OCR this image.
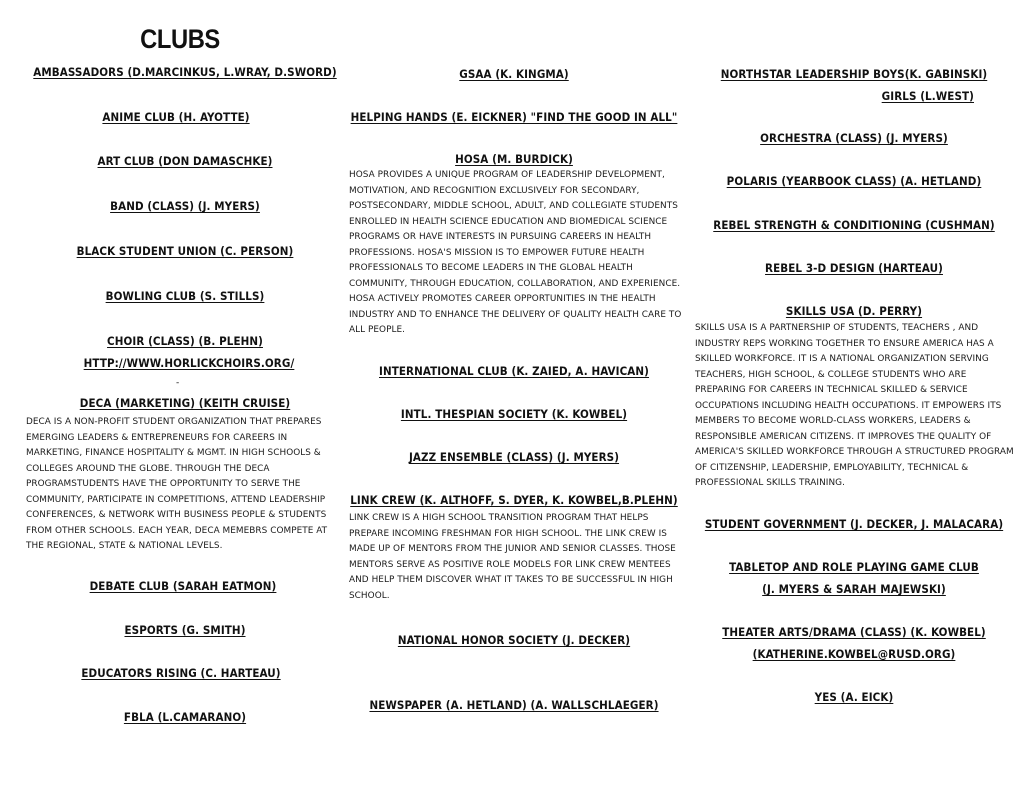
CLUBS
AMBASSADORS (D.MARCINKUS, L.WRAY, D.SWORD)
ANIME CLUB (H. AYOTTE)
ART CLUB (DON DAMASCHKE)
BAND (CLASS) (J. MYERS)
BLACK STUDENT UNION (C. PERSON)
BOWLING CLUB (S. STILLS)
CHOIR (CLASS) (B. PLEHN)
HTTP://WWW.HORLICKCHOIRS.ORG/
-
DECA (MARKETING) (KEITH CRUISE)
DECA IS A NON-PROFIT STUDENT ORGANIZATION THAT PREPARES EMERGING LEADERS & ENTREPRENEURS FOR CAREERS IN MARKETING, FINANCE HOSPITALITY & MGMT. IN HIGH SCHOOLS & COLLEGES AROUND THE GLOBE. THROUGH THE DECA PROGRAMSTUDENTS HAVE THE OPPORTUNITY TO SERVE THE COMMUNITY, PARTICIPATE IN COMPETITIONS, ATTEND LEADERSHIP CONFERENCES, & NETWORK WITH BUSINESS PEOPLE & STUDENTS FROM OTHER SCHOOLS. EACH YEAR, DECA MEMEBRS COMPETE AT THE REGIONAL, STATE & NATIONAL LEVELS.
DEBATE CLUB (SARAH EATMON)
ESPORTS (G. SMITH)
EDUCATORS RISING (C. HARTEAU)
FBLA (L.CAMARANO)
GSAA (K. KINGMA)
HELPING HANDS (E. EICKNER) "FIND THE GOOD IN ALL"
HOSA (M. BURDICK)
HOSA PROVIDES A UNIQUE PROGRAM OF LEADERSHIP DEVELOPMENT, MOTIVATION, AND RECOGNITION EXCLUSIVELY FOR SECONDARY, POSTSECONDARY, MIDDLE SCHOOL, ADULT, AND COLLEGIATE STUDENTS ENROLLED IN HEALTH SCIENCE EDUCATION AND BIOMEDICAL SCIENCE PROGRAMS OR HAVE INTERESTS IN PURSUING CAREERS IN HEALTH PROFESSIONS. HOSA'S MISSION IS TO EMPOWER FUTURE HEALTH PROFESSIONALS TO BECOME LEADERS IN THE GLOBAL HEALTH COMMUNITY, THROUGH EDUCATION, COLLABORATION, AND EXPERIENCE. HOSA ACTIVELY PROMOTES CAREER OPPORTUNITIES IN THE HEALTH INDUSTRY AND TO ENHANCE THE DELIVERY OF QUALITY HEALTH CARE TO ALL PEOPLE.
INTERNATIONAL CLUB (K. ZAIED, A. HAVICAN)
INTL. THESPIAN SOCIETY (K. KOWBEL)
JAZZ ENSEMBLE (CLASS) (J. MYERS)
LINK CREW (K. ALTHOFF, S. DYER, K. KOWBEL,B.PLEHN)
LINK CREW IS A HIGH SCHOOL TRANSITION PROGRAM THAT HELPS PREPARE INCOMING FRESHMAN FOR HIGH SCHOOL. THE LINK CREW IS MADE UP OF MENTORS FROM THE JUNIOR AND SENIOR CLASSES. THOSE MENTORS SERVE AS POSITIVE ROLE MODELS FOR LINK CREW MENTEES AND HELP THEM DISCOVER WHAT IT TAKES TO BE SUCCESSFUL IN HIGH SCHOOL.
NATIONAL HONOR SOCIETY (J. DECKER)
NEWSPAPER (A. HETLAND) (A. WALLSCHLAEGER)
NORTHSTAR LEADERSHIP BOYS(K. GABINSKI)
GIRLS (L.WEST)
ORCHESTRA (CLASS) (J. MYERS)
POLARIS (YEARBOOK CLASS) (A. HETLAND)
REBEL STRENGTH & CONDITIONING (CUSHMAN)
REBEL 3-D DESIGN (HARTEAU)
SKILLS USA (D. PERRY)
SKILLS USA IS A PARTNERSHIP OF STUDENTS, TEACHERS , AND INDUSTRY REPS WORKING TOGETHER TO ENSURE AMERICA HAS A SKILLED WORKFORCE. IT IS A NATIONAL ORGANIZATION SERVING TEACHERS, HIGH SCHOOL, & COLLEGE STUDENTS WHO ARE PREPARING FOR CAREERS IN TECHNICAL SKILLED & SERVICE OCCUPATIONS INCLUDING HEALTH OCCUPATIONS. IT EMPOWERS ITS MEMBERS TO BECOME WORLD-CLASS WORKERS, LEADERS & RESPONSIBLE AMERICAN CITIZENS. IT IMPROVES THE QUALITY OF AMERICA'S SKILLED WORKFORCE THROUGH A STRUCTURED PROGRAM OF CITIZENSHIP, LEADERSHIP, EMPLOYABILITY, TECHNICAL & PROFESSIONAL SKILLS TRAINING.
STUDENT GOVERNMENT (J. DECKER, J. MALACARA)
TABLETOP AND ROLE PLAYING GAME CLUB
(J. MYERS & SARAH MAJEWSKI)
THEATER ARTS/DRAMA (CLASS) (K. KOWBEL)
(KATHERINE.KOWBEL@RUSD.ORG)
YES (A. EICK)
